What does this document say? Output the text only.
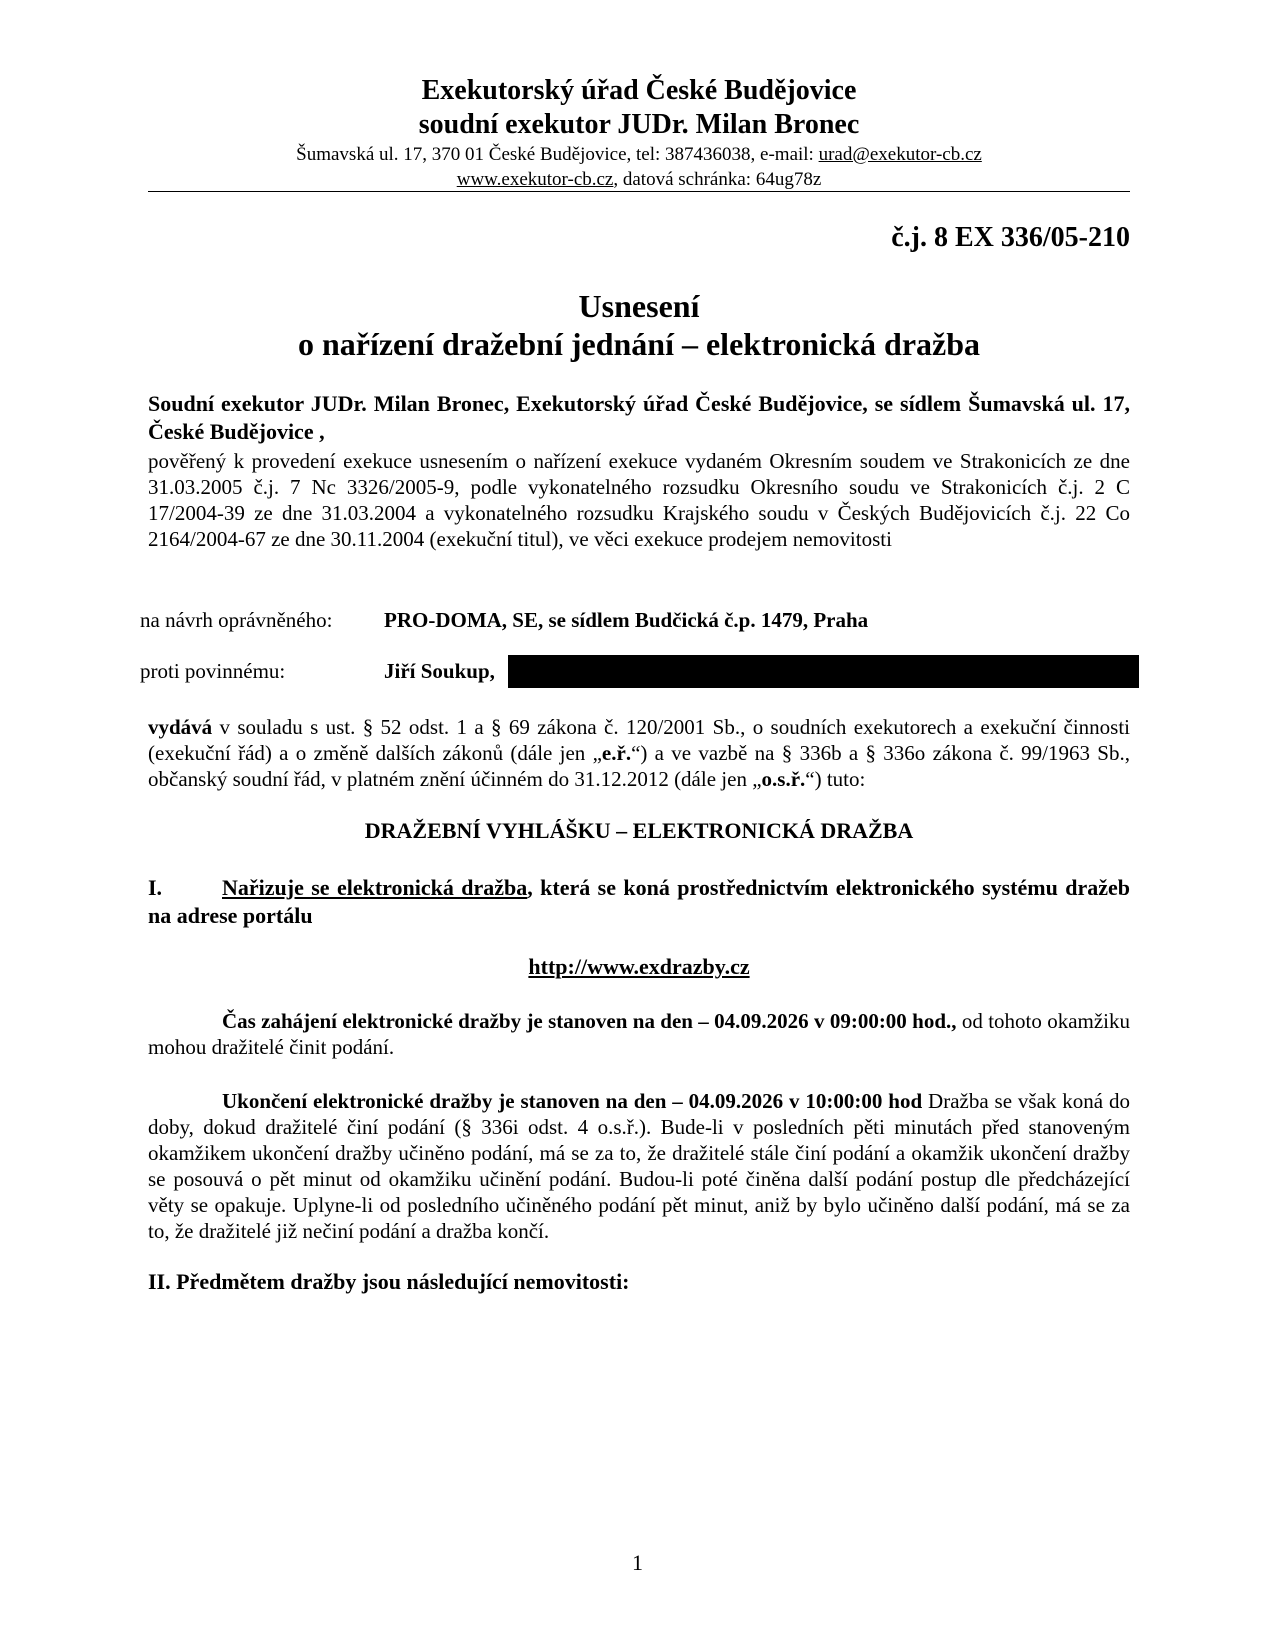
Exekutorský úřad České Budějovice
soudní exekutor JUDr. Milan Bronec
Šumavská ul. 17, 370 01 České Budějovice, tel: 387436038, e-mail: urad@exekutor-cb.cz
www.exekutor-cb.cz, datová schránka: 64ug78z
č.j. 8 EX 336/05-210
Usnesení
o nařízení dražební jednání – elektronická dražba
Soudní exekutor JUDr. Milan Bronec, Exekutorský úřad České Budějovice, se sídlem Šumavská ul. 17, České Budějovice ,
pověřený k provedení exekuce usnesením o nařízení exekuce vydaném Okresním soudem ve Strakonicích ze dne 31.03.2005 č.j. 7 Nc 3326/2005-9, podle vykonatelného rozsudku Okresního soudu ve Strakonicích č.j. 2 C 17/2004-39 ze dne 31.03.2004 a vykonatelného rozsudku Krajského soudu v Českých Budějovicích č.j. 22 Co 2164/2004-67 ze dne 30.11.2004 (exekuční titul), ve věci exekuce prodejem nemovitosti
na návrh oprávněného: PRO-DOMA, SE, se sídlem Budčická č.p. 1479, Praha
proti povinnému:	Jiří Soukup,
vydává v souladu s ust. § 52 odst. 1 a § 69 zákona č. 120/2001 Sb., o soudních exekutorech a exekuční činnosti (exekuční řád) a o změně dalších zákonů (dále jen „e.ř.“) a ve vazbě na § 336b a § 336o zákona č. 99/1963 Sb., občanský soudní řád, v platném znění účinném do 31.12.2012 (dále jen „o.s.ř.“) tuto:
DRAŽEBNÍ VYHLÁŠKU – ELEKTRONICKÁ DRAŽBA
I.	Nařizuje se elektronická dražba, která se koná prostřednictvím elektronického systému dražeb na adrese portálu
http://www.exdrazby.cz
Čas zahájení elektronické dražby je stanoven na den – 04.09.2026 v 09:00:00 hod., od tohoto okamžiku mohou dražitelé činit podání.
Ukončení elektronické dražby je stanoven na den – 04.09.2026 v 10:00:00 hod Dražba se však koná do doby, dokud dražitelé činí podání (§ 336i odst. 4 o.s.ř.). Bude-li v posledních pěti minutách před stanoveným okamžikem ukončení dražby učiněno podání, má se za to, že dražitelé stále činí podání a okamžik ukončení dražby se posouvá o pět minut od okamžiku učinění podání. Budou-li poté činěna další podání postup dle předcházející věty se opakuje. Uplyne-li od posledního učiněného podání pět minut, aniž by bylo učiněno další podání, má se za to, že dražitelé již nečiní podání a dražba končí.
II. Předmětem dražby jsou následující nemovitosti:
1
